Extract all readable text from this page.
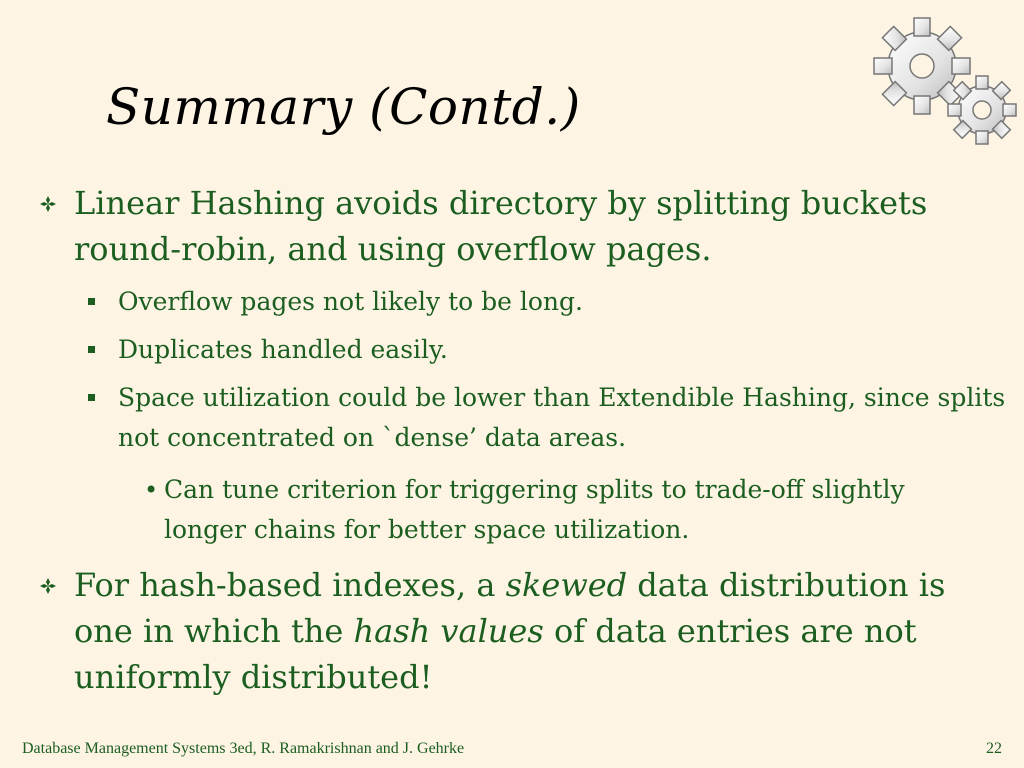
Summary (Contd.)
Linear Hashing avoids directory by splitting buckets round-robin, and using overflow pages.
Overflow pages not likely to be long.
Duplicates handled easily.
Space utilization could be lower than Extendible Hashing, since splits not concentrated on `dense’ data areas.
• Can tune criterion for triggering splits to trade-off slightly longer chains for better space utilization.
For hash-based indexes, a skewed data distribution is one in which the hash values of data entries are not uniformly distributed!
Database Management Systems 3ed, R. Ramakrishnan and J. Gehrke	22
